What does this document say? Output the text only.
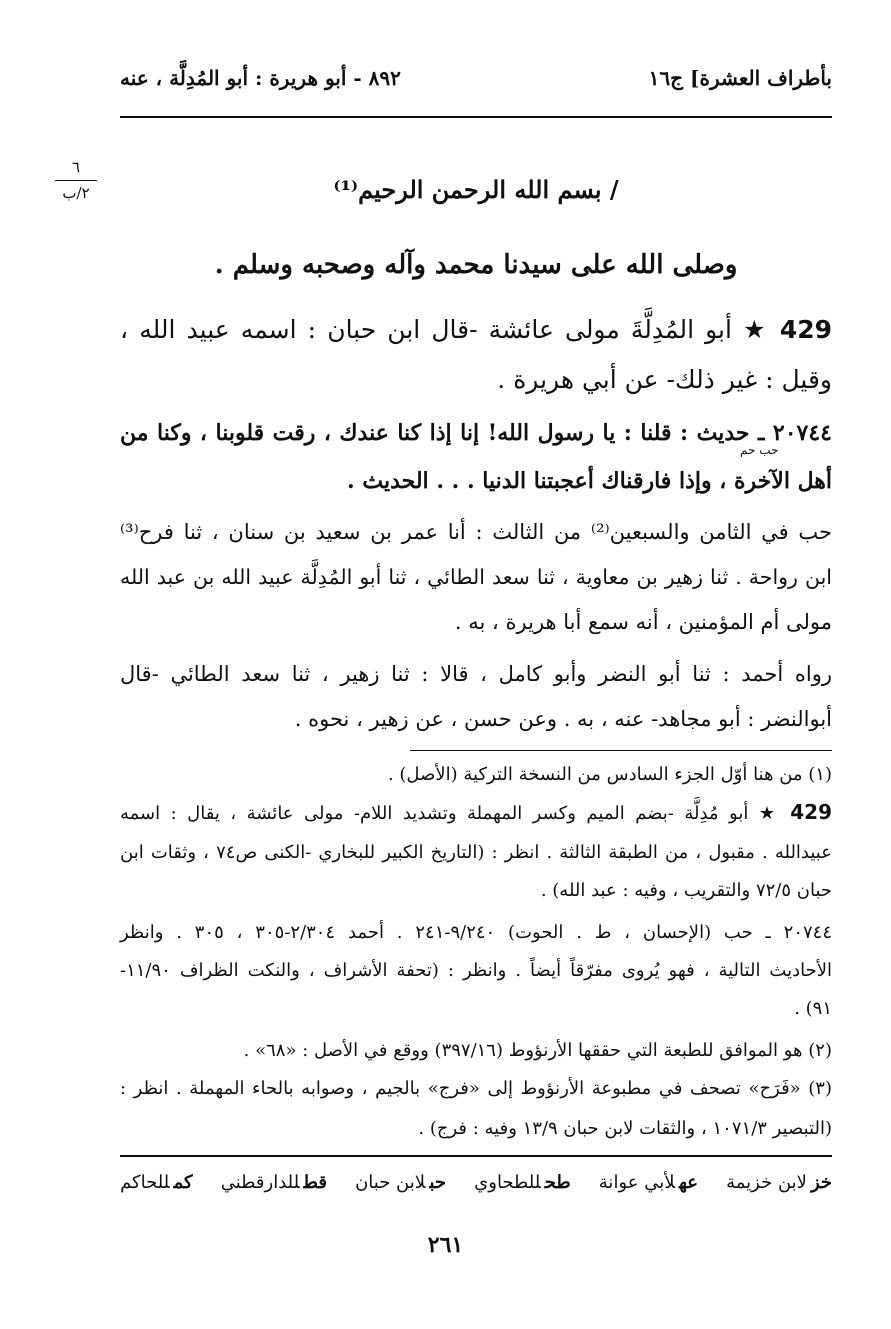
بأطراف العشرة] ج١٦
٨٩٢ - أبو هريرة : أبو المُدِلَّة ، عنه
٦
٢/ب	/ بسم الله الرحمن الرحيم⁽¹⁾
وصلى الله على سيدنا محمد وآله وصحبه وسلم .
429 ★ أبو المُدِلَّةَ مولى عائشة -قال ابن حبان : اسمه عبيد الله ،
وقيل : غير ذلك- عن أبي هريرة .
٢٠٧٤٤ ـ حديث : قلنا : يا رسول الله! إنا إذا كنا عندك ، رقت قلوبنا ، وكنا من
حب حم
أهل الآخرة ، وإذا فارقناك أعجبتنا الدنيا . . . الحديث .
حب في الثامن والسبعين⁽²⁾ من الثالث : أنا عمر بن سعيد بن سنان ، ثنا فرح⁽³⁾
ابن رواحة . ثنا زهير بن معاوية ، ثنا سعد الطائي ، ثنا أبو المُدِلَّة عبيد الله بن عبد الله
مولى أم المؤمنين ، أنه سمع أبا هريرة ، به .
رواه أحمد : ثنا أبو النضر وأبو كامل ، قالا : ثنا زهير ، ثنا سعد الطائي -قال
أبوالنضر : أبو مجاهد- عنه ، به . وعن حسن ، عن زهير ، نحوه .
(١) من هنا أوّل الجزء السادس من النسخة التركية (الأصل) .
429 ★ أبو مُدِلَّة -بضم الميم وكسر المهملة وتشديد اللام- مولى عائشة ، يقال : اسمه
عبيدالله . مقبول ، من الطبقة الثالثة . انظر : (التاريخ الكبير للبخاري -الكنى ص٧٤ ، وثقات ابن
حبان ٧٢/٥ والتقريب ، وفيه : عبد الله) .
٢٠٧٤٤ ـ حب (الإحسان ، ط . الحوت) ٩/٢٤٠-٢٤١ . أحمد ٢/٣٠٤-٣٠٥ ، ٣٠٥ . وانظر
الأحاديث التالية ، فهو يُروى مفرّقاً أيضاً . وانظر : (تحفة الأشراف ، والنكت الظراف ١١/٩٠-
٩١) .
(٢) هو الموافق للطبعة التي حققها الأرنؤوط (٣٩٧/١٦) ووقع في الأصل : «٦٨» .
(٣) «فَرَح» تصحف في مطبوعة الأرنؤوط إلى «فرج» بالجيم ، وصوابه بالحاء المهملة . انظر :
(التبصير ١٠٧١/٣ ، والثقات لابن حبان ١٣/٩ وفيه : فرج) .
خزلابن خزيمة
عهلأبي عوانة
طحللطحاوي
حبلابن حبان
قطللدارقطني
كمللحاكم
٢٦١
